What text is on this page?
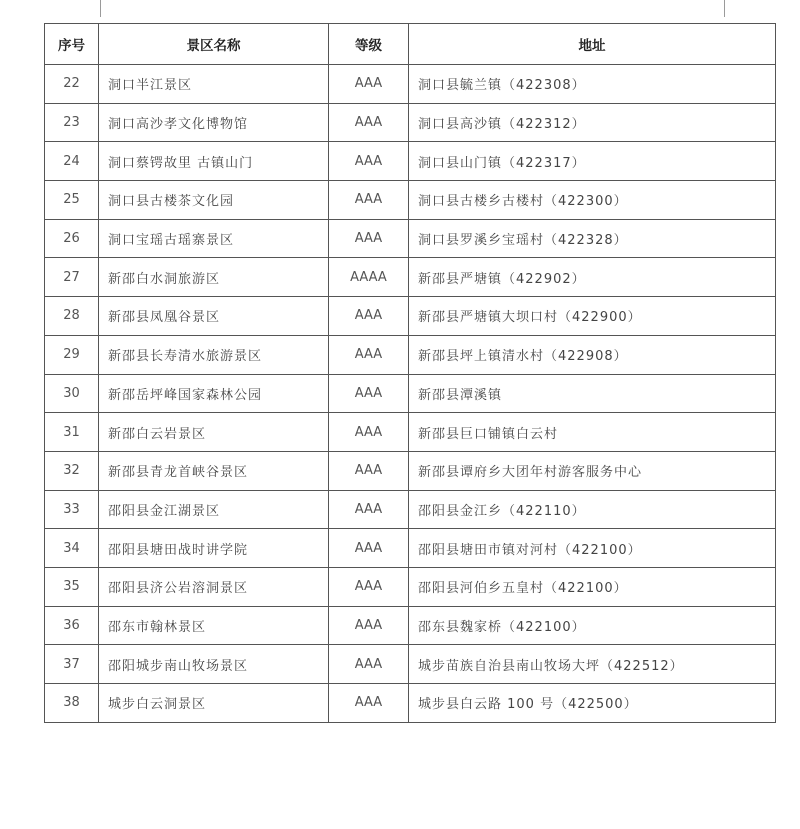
序号	景区名称	等级	地址
22	洞口半江景区	AAA	洞口县毓兰镇（422308）
23	洞口高沙孝文化博物馆	AAA	洞口县高沙镇（422312）
24	洞口蔡锷故里 古镇山门	AAA	洞口县山门镇（422317）
25	洞口县古楼茶文化园	AAA	洞口县古楼乡古楼村（422300）
26	洞口宝瑶古瑶寨景区	AAA	洞口县罗溪乡宝瑶村（422328）
27	新邵白水洞旅游区	AAAA	新邵县严塘镇（422902）
28	新邵县凤凰谷景区	AAA	新邵县严塘镇大坝口村（422900）
29	新邵县长寿清水旅游景区	AAA	新邵县坪上镇清水村（422908）
30	新邵岳坪峰国家森林公园	AAA	新邵县潭溪镇
31	新邵白云岩景区	AAA	新邵县巨口铺镇白云村
32	新邵县青龙首峡谷景区	AAA	新邵县谭府乡大团年村游客服务中心
33	邵阳县金江湖景区	AAA	邵阳县金江乡（422110）
34	邵阳县塘田战时讲学院	AAA	邵阳县塘田市镇对河村（422100）
35	邵阳县济公岩溶洞景区	AAA	邵阳县河伯乡五皇村（422100）
36	邵东市翰林景区	AAA	邵东县魏家桥（422100）
37	邵阳城步南山牧场景区	AAA	城步苗族自治县南山牧场大坪（422512）
38	城步白云洞景区	AAA	城步县白云路 100 号（422500）
